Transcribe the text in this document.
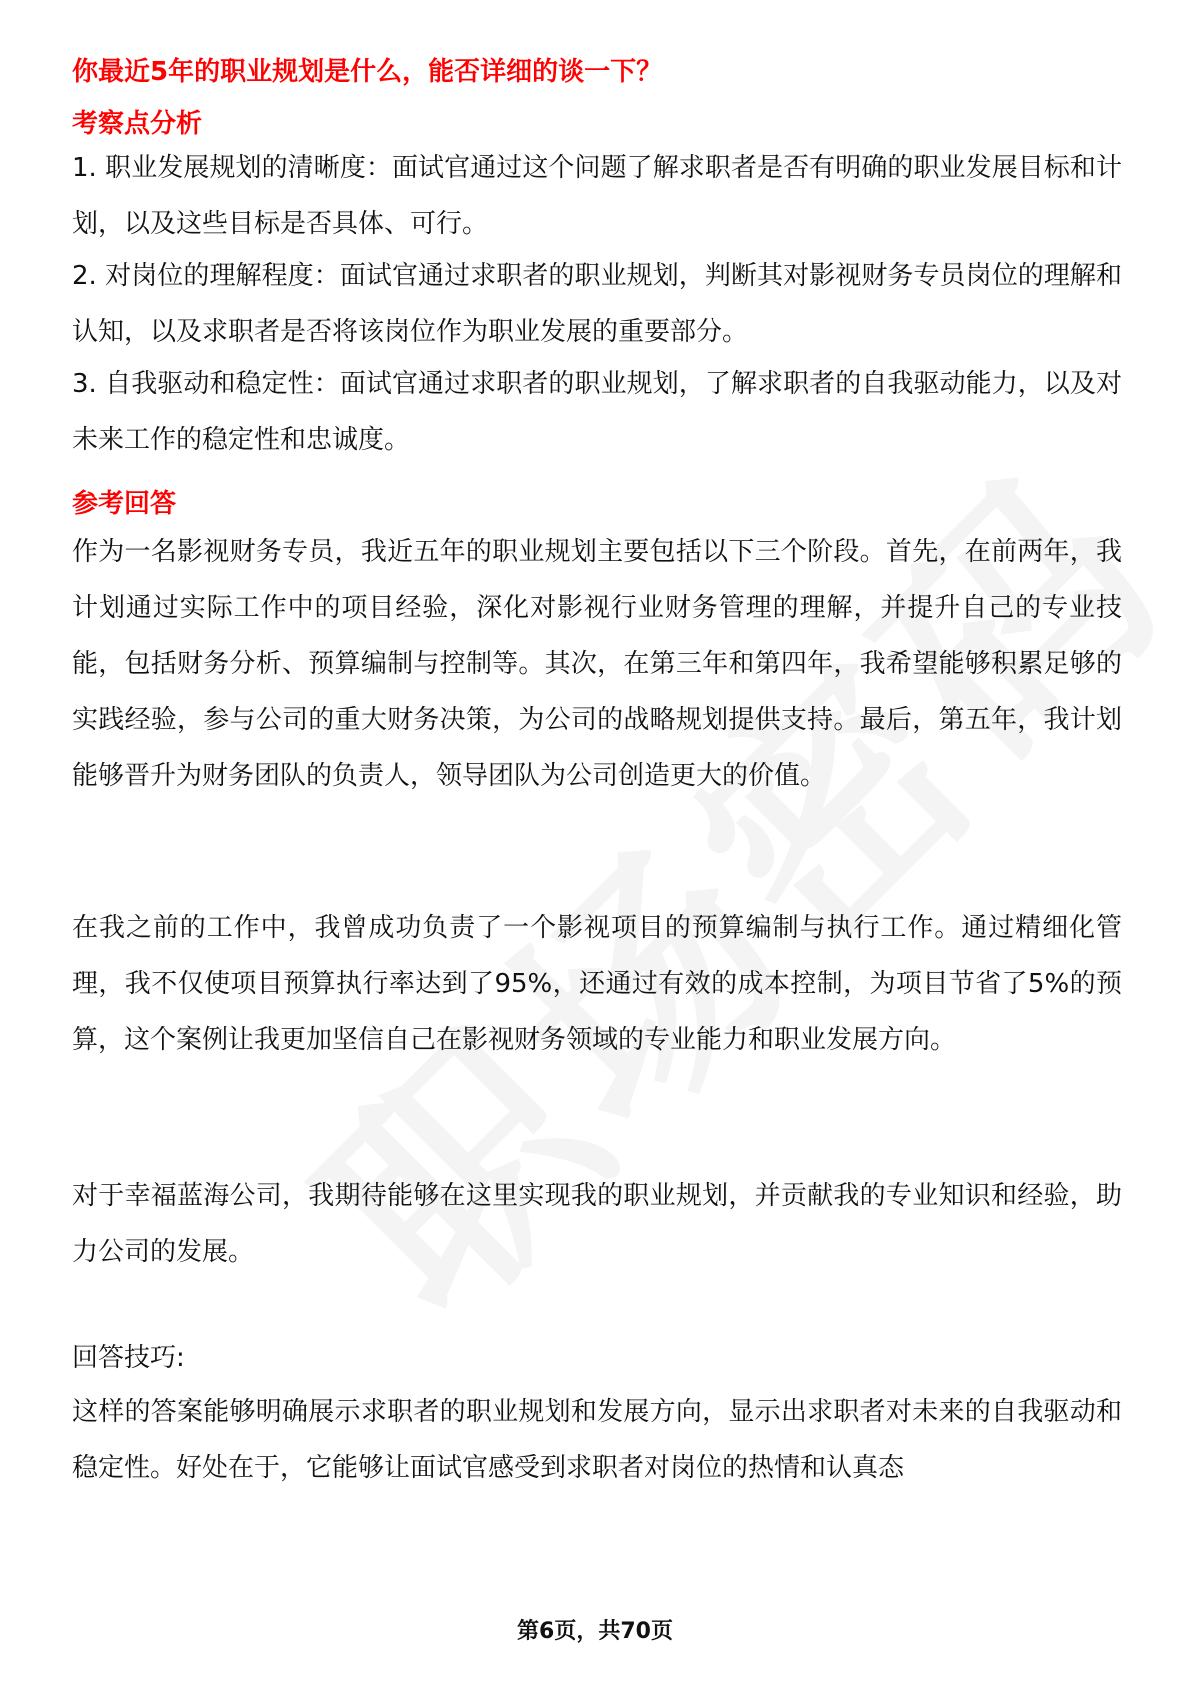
你最近5年的职业规划是什么，能否详细的谈一下？
考察点分析
1. 职业发展规划的清晰度：面试官通过这个问题了解求职者是否有明确的职业发展目标和计划，以及这些目标是否具体、可行。
2. 对岗位的理解程度：面试官通过求职者的职业规划，判断其对影视财务专员岗位的理解和认知，以及求职者是否将该岗位作为职业发展的重要部分。
3. 自我驱动和稳定性：面试官通过求职者的职业规划，了解求职者的自我驱动能力，以及对未来工作的稳定性和忠诚度。
参考回答
作为一名影视财务专员，我近五年的职业规划主要包括以下三个阶段。首先，在前两年，我计划通过实际工作中的项目经验，深化对影视行业财务管理的理解，并提升自己的专业技能，包括财务分析、预算编制与控制等。其次，在第三年和第四年，我希望能够积累足够的实践经验，参与公司的重大财务决策，为公司的战略规划提供支持。最后，第五年，我计划能够晋升为财务团队的负责人，领导团队为公司创造更大的价值。
在我之前的工作中，我曾成功负责了一个影视项目的预算编制与执行工作。通过精细化管理，我不仅使项目预算执行率达到了95%，还通过有效的成本控制，为项目节省了5%的预算，这个案例让我更加坚信自己在影视财务领域的专业能力和职业发展方向。
对于幸福蓝海公司，我期待能够在这里实现我的职业规划，并贡献我的专业知识和经验，助力公司的发展。
回答技巧:
这样的答案能够明确展示求职者的职业规划和发展方向，显示出求职者对未来的自我驱动和稳定性。好处在于，它能够让面试官感受到求职者对岗位的热情和认真态
第6页，共70页
